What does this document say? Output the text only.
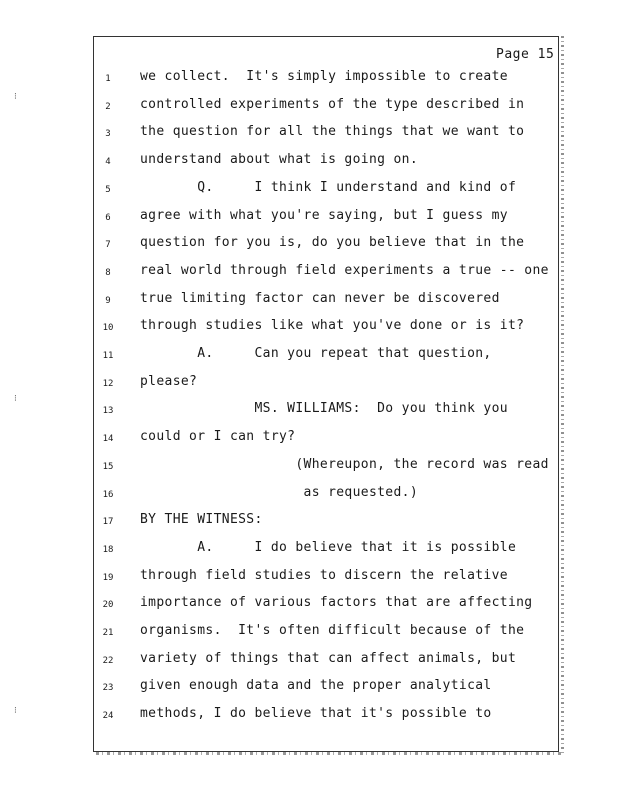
⁝
⁝
⁝
Page 15
1	we collect.  It's simply impossible to create
2	controlled experiments of the type described in
3	the question for all the things that we want to
4	understand about what is going on.
5	Q.     I think I understand and kind of
6	agree with what you're saying, but I guess my
7	question for you is, do you believe that in the
8	real world through field experiments a true -- one
9	true limiting factor can never be discovered
10	through studies like what you've done or is it?
11	A.     Can you repeat that question,
12	please?
13	MS. WILLIAMS:  Do you think you
14	could or I can try?
15	(Whereupon, the record was read
16	as requested.)
17	BY THE WITNESS:
18	A.     I do believe that it is possible
19	through field studies to discern the relative
20	importance of various factors that are affecting
21	organisms.  It's often difficult because of the
22	variety of things that can affect animals, but
23	given enough data and the proper analytical
24	methods, I do believe that it's possible to
